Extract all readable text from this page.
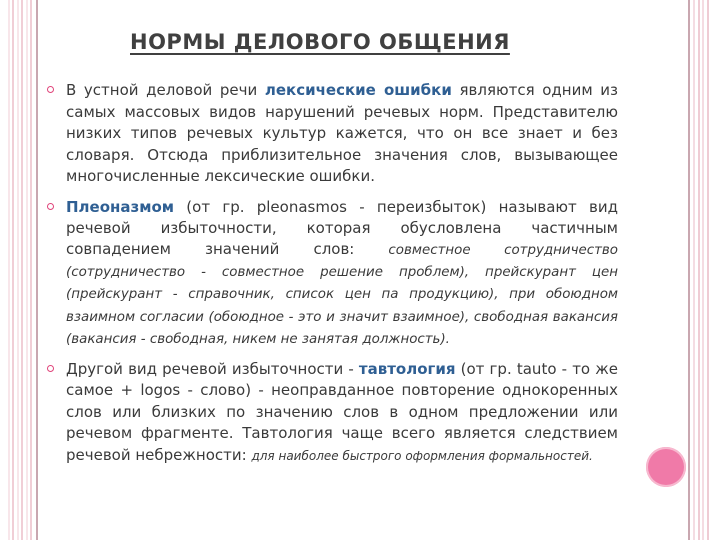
НОРМЫ ДЕЛОВОГО ОБЩЕНИЯ

В устной деловой речи лексические ошибки являются одним из самых массовых видов нарушений речевых норм. Представителю низких типов речевых культур кажется, что он все знает и без словаря. Отсюда приблизительное значения слов, вызывающее многочисленные лексические ошибки.

Плеоназмом (от гр. pleonasmos - переизбыток) называют вид речевой избыточности, которая обусловлена частичным совпадением значений слов: совместное сотрудничество (сотрудничество - совместное решение проблем), прейскурант цен (прейскурант - справочник, список цен па продукцию), при обоюдном взаимном согласии (обоюдное - это и значит взаимное), свободная вакансия (вакансия - свободная, никем не занятая должность).

Другой вид речевой избыточности - тавтология (от гр. tauto - то же самое + logos - слово) - неоправданное повторение однокоренных слов или близких по значению слов в одном предложении или речевом фрагменте. Тавтология чаще всего является следствием речевой небрежности: для наиболее быстрого оформления формальностей.
